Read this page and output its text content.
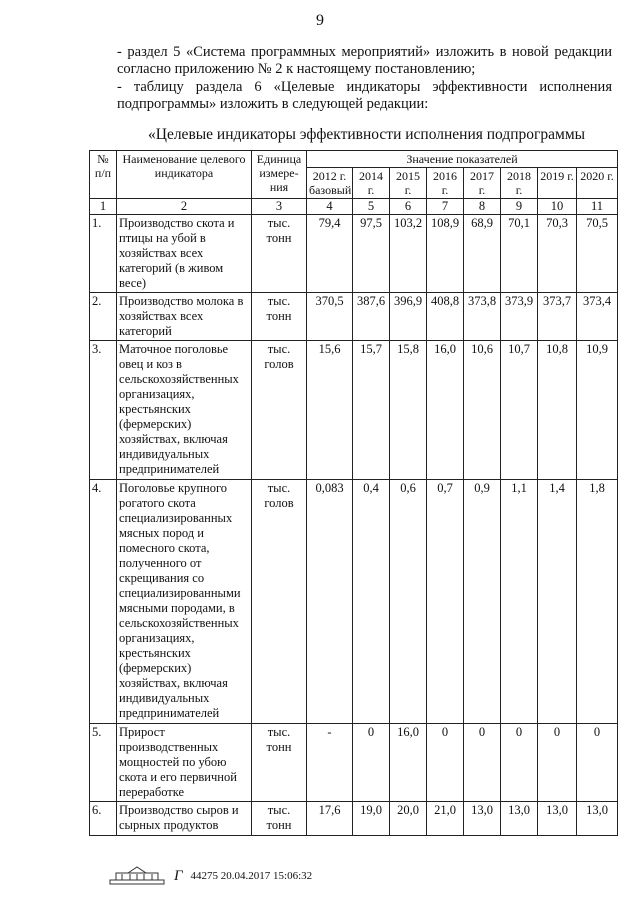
9
- раздел 5 «Система программных мероприятий» изложить в новой редакции согласно приложению № 2 к настоящему постановлению;
- таблицу раздела 6 «Целевые индикаторы эффективности исполнения подпрограммы» изложить в следующей редакции:
«Целевые индикаторы эффективности исполнения подпрограммы
№ п/п	Наименование целевого индикатора	Единица измере-ния	Значение показателей							
			2012 г. базовый	2014 г.	2015 г.	2016 г.	2017 г.	2018 г.	2019 г.	2020 г.
1	2	3	4	5	6	7	8	9	10	11
1.	Производство скота и птицы на убой в хозяйствах всех категорий (в живом весе)	тыс. тонн	79,4	97,5	103,2	108,9	68,9	70,1	70,3	70,5
2.	Производство молока в хозяйствах всех категорий	тыс. тонн	370,5	387,6	396,9	408,8	373,8	373,9	373,7	373,4
3.	Маточное поголовье овец и коз в сельскохозяйственных организациях, крестьянских (фермерских) хозяйствах, включая индивидуальных предпринимателей	тыс. голов	15,6	15,7	15,8	16,0	10,6	10,7	10,8	10,9
4.	Поголовье крупного рогатого скота специализированных мясных пород и помесного скота, полученного от скрещивания со специализированными мясными породами, в сельскохозяйственных организациях, крестьянских (фермерских) хозяйствах, включая индивидуальных предпринимателей	тыс. голов	0,083	0,4	0,6	0,7	0,9	1,1	1,4	1,8
5.	Прирост производственных мощностей по убою скота и его первичной переработке	тыс. тонн	-	0	16,0	0	0	0	0	0
6.	Производство сыров и сырных продуктов	тыс. тонн	17,6	19,0	20,0	21,0	13,0	13,0	13,0	13,0
Г 44275 20.04.2017 15:06:32
